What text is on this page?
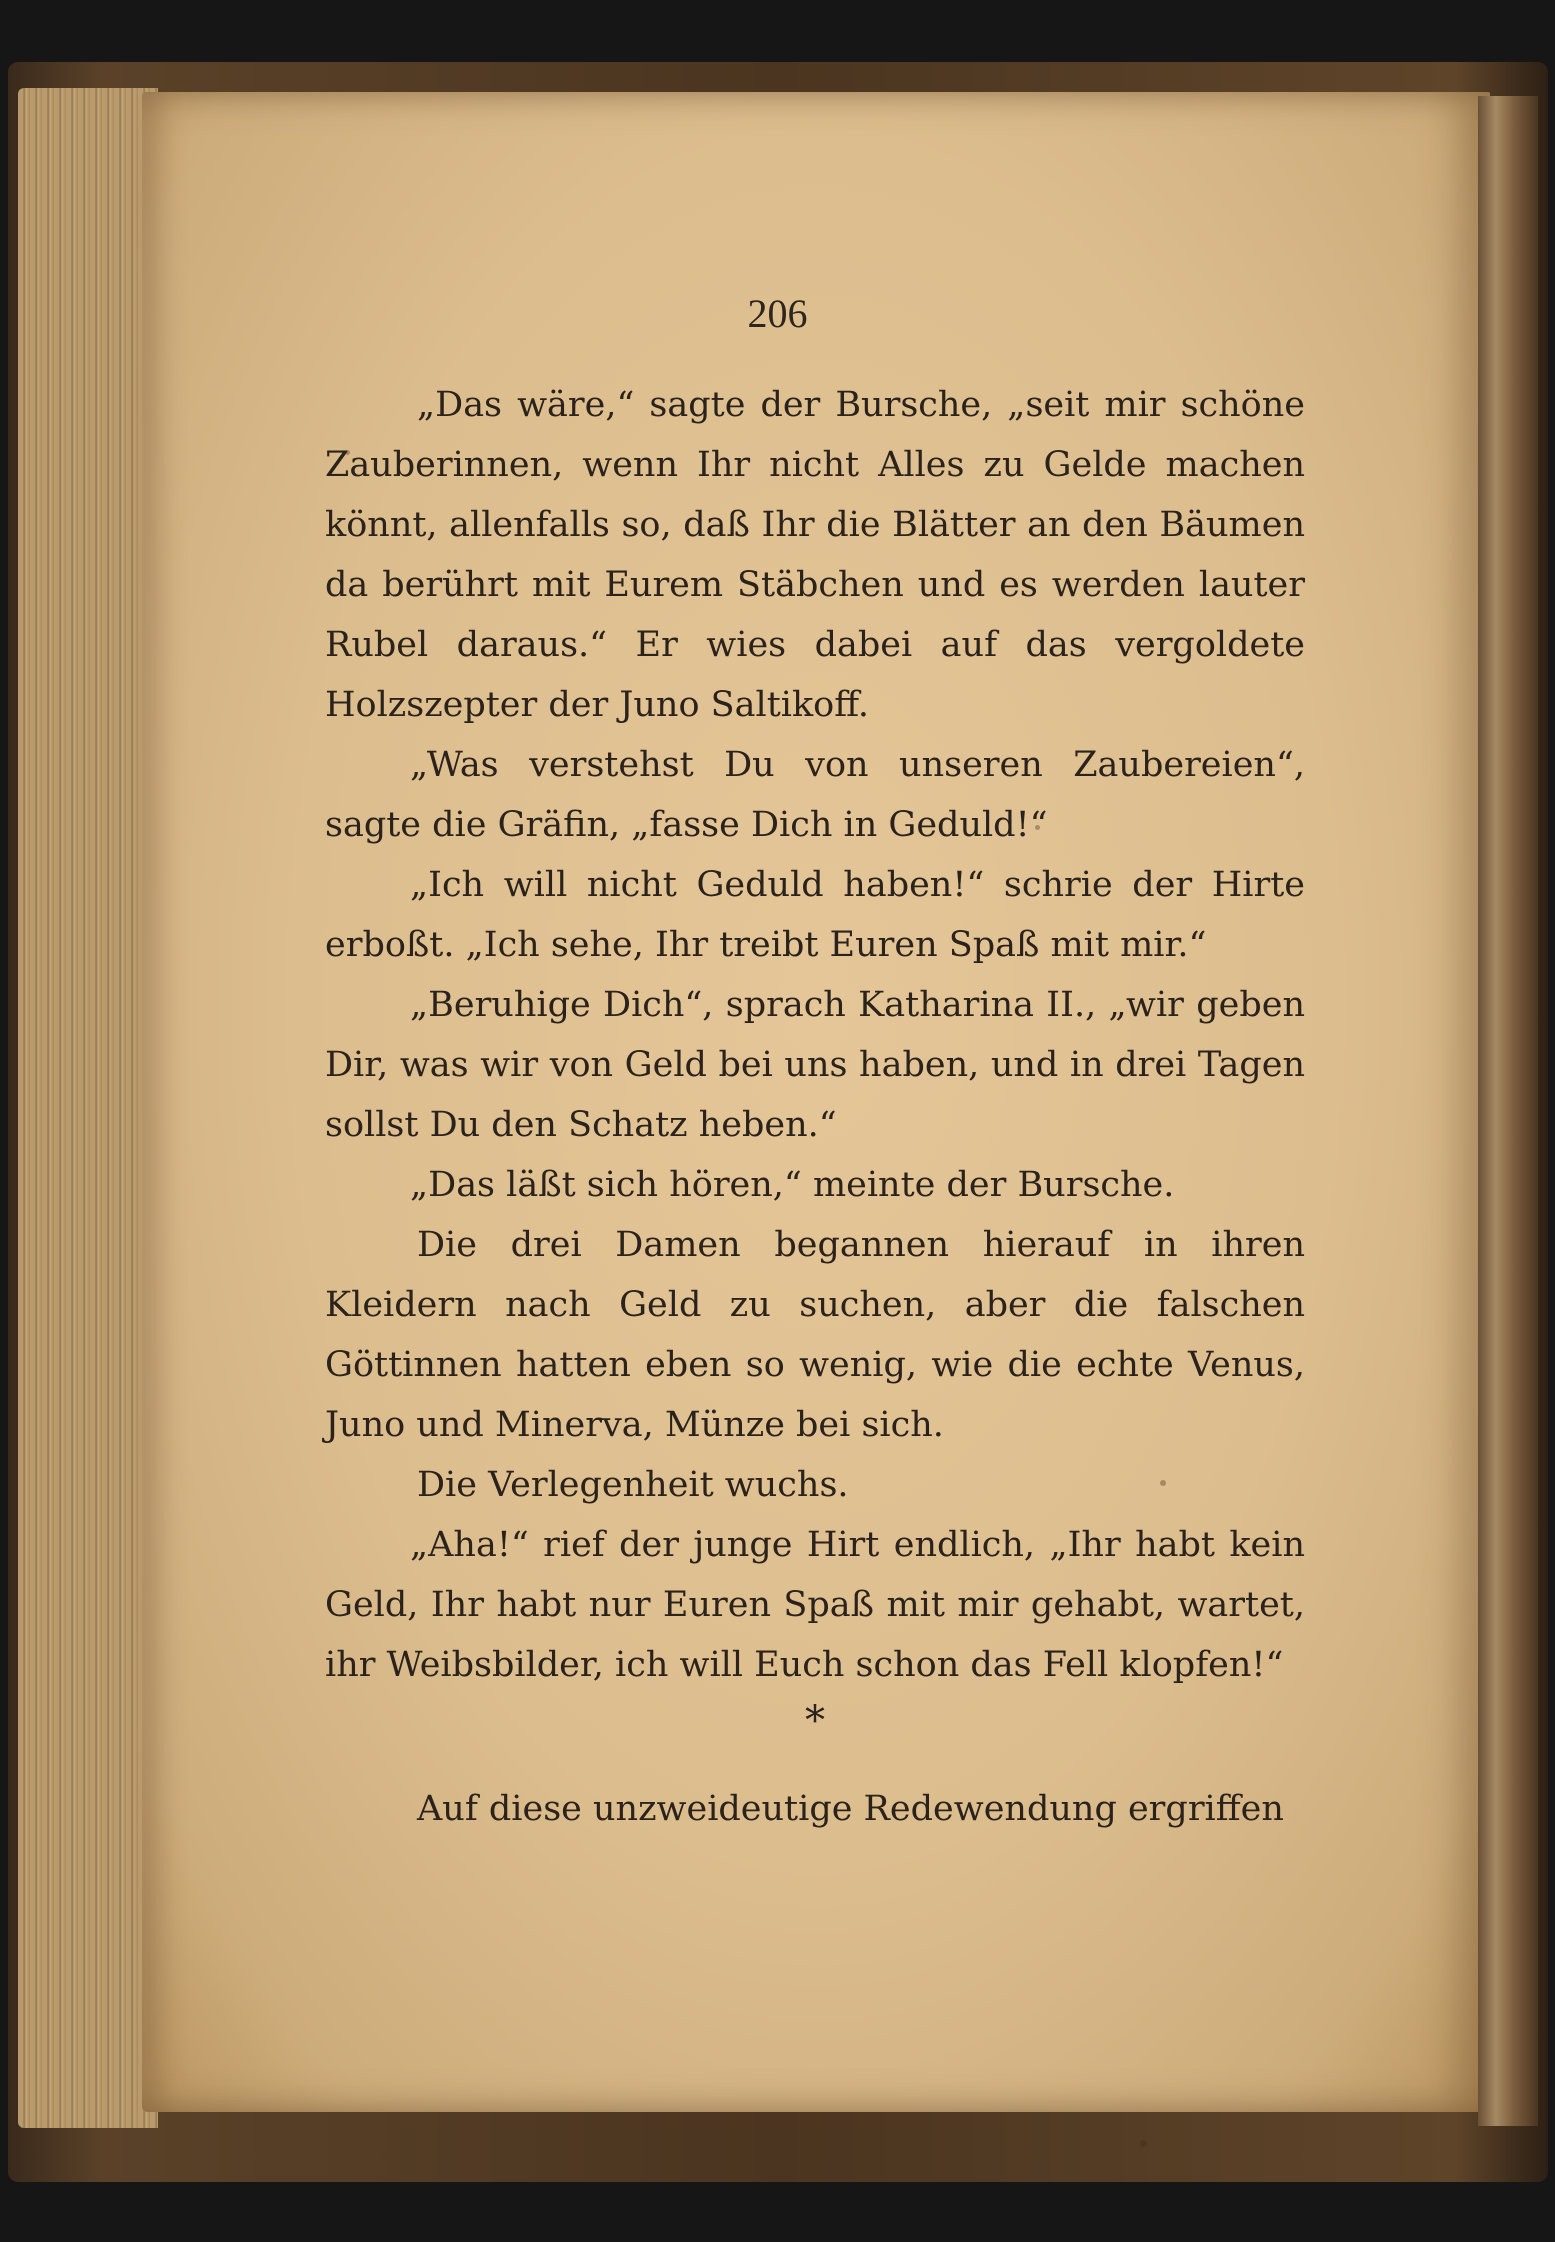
206

„Das wäre,“ sagte der Bursche, „seit mir schöne Zauberinnen, wenn Ihr nicht Alles zu Gelde machen könnt, allenfalls so, daß Ihr die Blätter an den Bäumen da berührt mit Eurem Stäbchen und es werden lauter Rubel daraus.“ Er wies dabei auf das vergoldete Holzszepter der Juno Saltikoff.

„Was verstehst Du von unseren Zaubereien“, sagte die Gräfin, „fasse Dich in Geduld!“

„Ich will nicht Geduld haben!“ schrie der Hirte erboßt. „Ich sehe, Ihr treibt Euren Spaß mit mir.“

„Beruhige Dich“, sprach Katharina II., „wir geben Dir, was wir von Geld bei uns haben, und in drei Tagen sollst Du den Schatz heben.“

„Das läßt sich hören,“ meinte der Bursche.

Die drei Damen begannen hierauf in ihren Kleidern nach Geld zu suchen, aber die falschen Göttinnen hatten eben so wenig, wie die echte Venus, Juno und Minerva, Münze bei sich.

Die Verlegenheit wuchs.

„Aha!“ rief der junge Hirt endlich, „Ihr habt kein Geld, Ihr habt nur Euren Spaß mit mir gehabt, wartet, ihr Weibsbilder, ich will Euch schon das Fell klopfen!“

*

Auf diese unzweideutige Redewendung ergriffen
